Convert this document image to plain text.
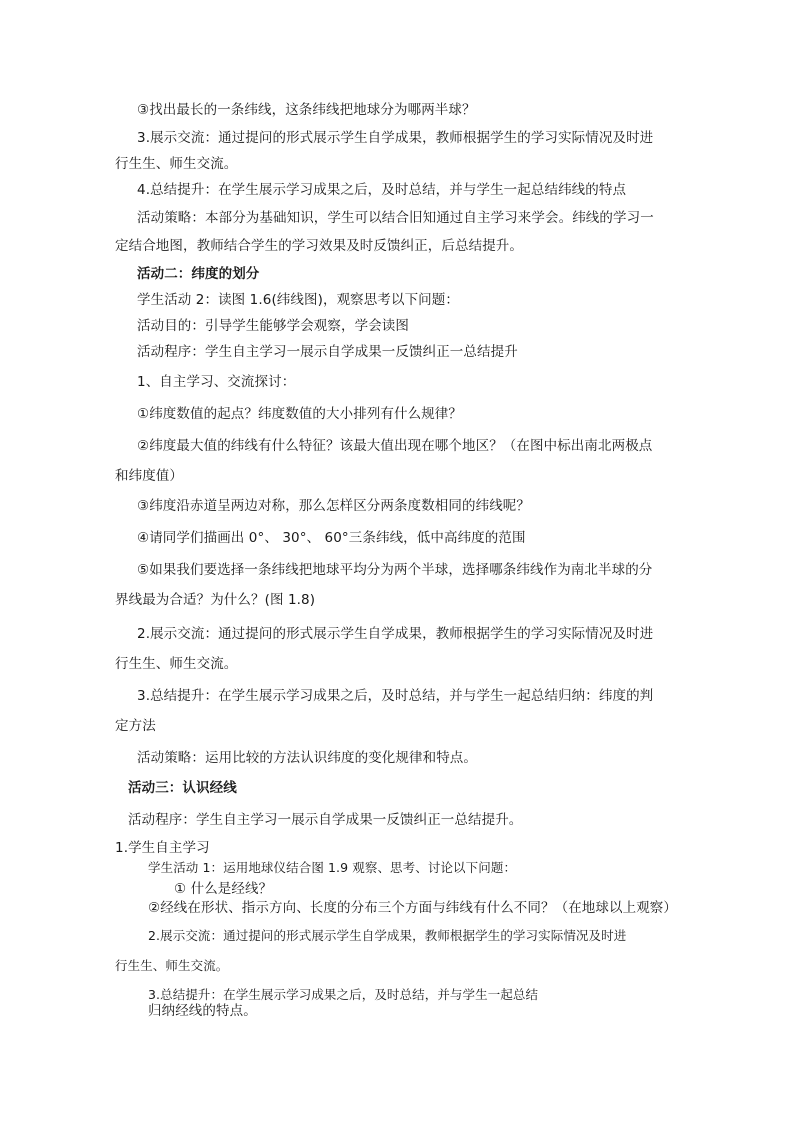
③找出最长的一条纬线，这条纬线把地球分为哪两半球？
3.展示交流：通过提问的形式展示学生自学成果，教师根据学生的学习实际情况及时进
行生生、师生交流。
4.总结提升：在学生展示学习成果之后，及时总结，并与学生一起总结纬线的特点
活动策略：本部分为基础知识，学生可以结合旧知通过自主学习来学会。纬线的学习一
定结合地图，教师结合学生的学习效果及时反馈纠正，后总结提升。
活动二：纬度的划分
学生活动 2：读图 1.6(纬线图)，观察思考以下问题：
活动目的：引导学生能够学会观察，学会读图
活动程序：学生自主学习一展示自学成果一反馈纠正一总结提升
1、自主学习、交流探讨：
①纬度数值的起点？纬度数值的大小排列有什么规律？
②纬度最大值的纬线有什么特征？该最大值出现在哪个地区？（在图中标出南北两极点
和纬度值）
③纬度沿赤道呈两边对称，那么怎样区分两条度数相同的纬线呢？
④请同学们描画出 0°、 30°、 60°三条纬线，低中高纬度的范围
⑤如果我们要选择一条纬线把地球平均分为两个半球，选择哪条纬线作为南北半球的分
界线最为合适？为什么？(图 1.8)
2.展示交流：通过提问的形式展示学生自学成果，教师根据学生的学习实际情况及时进
行生生、师生交流。
3.总结提升：在学生展示学习成果之后，及时总结，并与学生一起总结归纳：纬度的判
定方法
活动策略：运用比较的方法认识纬度的变化规律和特点。
活动三：认识经线
活动程序：学生自主学习一展示自学成果一反馈纠正一总结提升。
1.学生自主学习
学生活动 1：运用地球仪结合图 1.9 观察、思考、讨论以下问题：
① 什么是经线？
②经线在形状、指示方向、长度的分布三个方面与纬线有什么不同？（在地球以上观察）
2.展示交流：通过提问的形式展示学生自学成果，教师根据学生的学习实际情况及时进
行生生、师生交流。
3.总结提升：在学生展示学习成果之后，及时总结，并与学生一起总结
归纳经线的特点。
